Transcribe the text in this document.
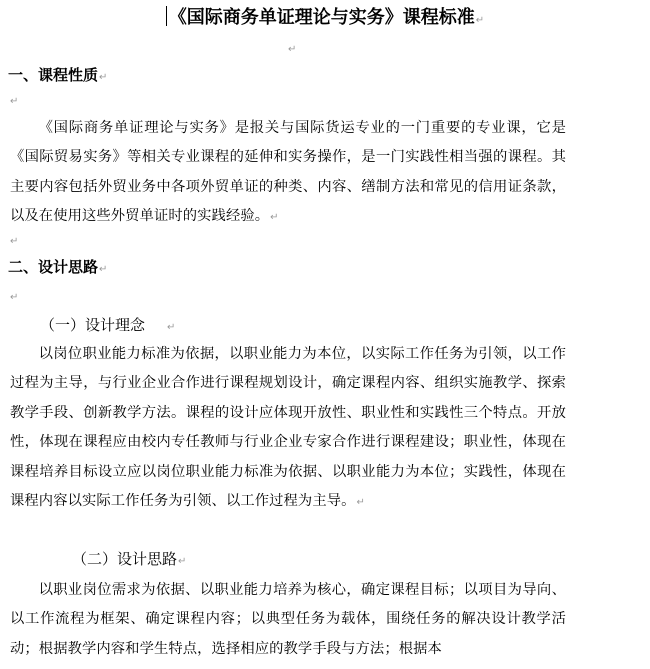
《国际商务单证理论与实务》课程标准↵
↵
一、课程性质↵
↵
《国际商务单证理论与实务》是报关与国际货运专业的一门重要的专业课，它是《国际贸易实务》等相关专业课程的延伸和实务操作，是一门实践性相当强的课程。其主要内容包括外贸业务中各项外贸单证的种类、内容、缮制方法和常见的信用证条款，以及在使用这些外贸单证时的实践经验。↵
↵
二、设计思路↵
↵
（一）设计理念 ↵
以岗位职业能力标准为依据，以职业能力为本位，以实际工作任务为引领，以工作过程为主导，与行业企业合作进行课程规划设计，确定课程内容、组织实施教学、探索教学手段、创新教学方法。课程的设计应体现开放性、职业性和实践性三个特点。开放性，体现在课程应由校内专任教师与行业企业专家合作进行课程建设；职业性，体现在课程培养目标设立应以岗位职业能力标准为依据、以职业能力为本位；实践性，体现在课程内容以实际工作任务为引领、以工作过程为主导。↵
（二）设计思路↵
以职业岗位需求为依据、以职业能力培养为核心，确定课程目标；以项目为导向、以工作流程为框架、确定课程内容；以典型任务为载体，围绕任务的解决设计教学活动；根据教学内容和学生特点，选择相应的教学手段与方法；根据本
